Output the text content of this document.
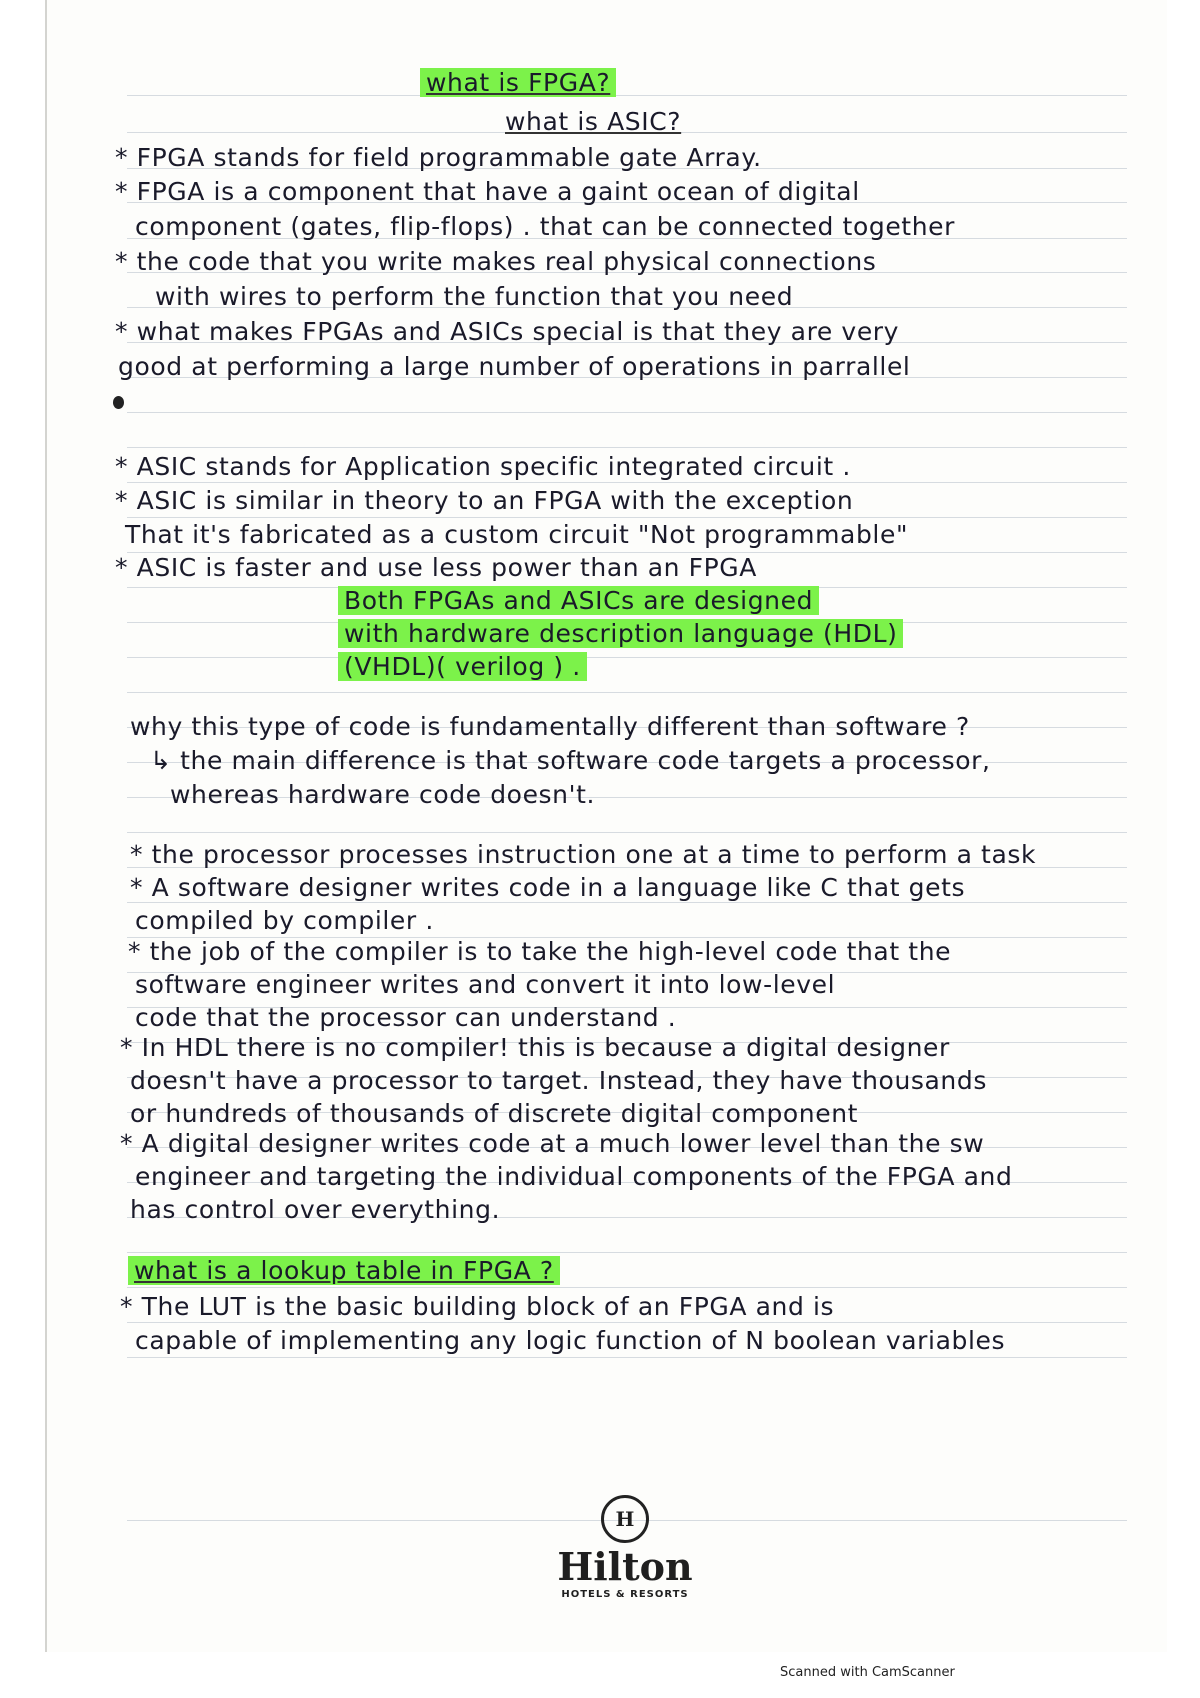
what is FPGA?
what is ASIC?
* FPGA stands for field programmable gate Array.
* FPGA is a component that have a gaint ocean of digital
component (gates, flip-flops) . that can be connected together
* the code that you write makes real physical connections
with wires to perform the function that you need
* what makes FPGAs and ASICs special is that they are very
good at performing a large number of operations in parrallel
* ASIC stands for Application specific integrated circuit .
* ASIC is similar in theory to an FPGA with the exception
That it's fabricated as a custom circuit "Not programmable"
* ASIC is faster and use less power than an FPGA
Both FPGAs and ASICs are designed
with hardware description language (HDL)
(VHDL)( verilog ) .
why this type of code is fundamentally different than software ?
↳ the main difference is that software code targets a processor,
whereas hardware code doesn't.
* the processor processes instruction one at a time to perform a task
* A software designer writes code in a language like C that gets
compiled by compiler .
* the job of the compiler is to take the high-level code that the
software engineer writes and convert it into low-level
code that the processor can understand .
* In HDL there is no compiler! this is because a digital designer
doesn't have a processor to target. Instead, they have thousands
or hundreds of thousands of discrete digital component
* A digital designer writes code at a much lower level than the sw
engineer and targeting the individual components of the FPGA and
has control over everything.
what is a lookup table in FPGA ?
* The LUT is the basic building block of an FPGA and is
capable of implementing any logic function of N boolean variables
H
Hilton
HOTELS & RESORTS
Scanned with CamScanner
